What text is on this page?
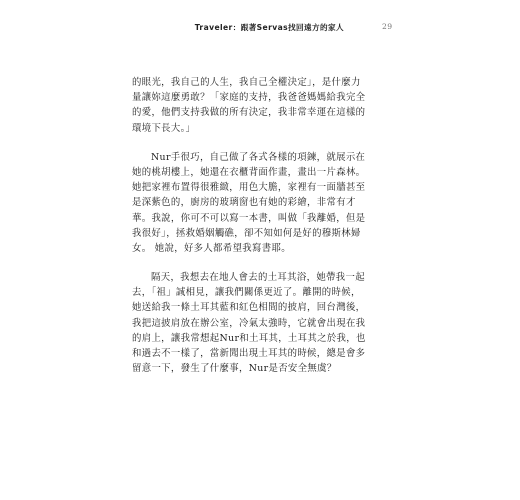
Traveler：跟著Servas找回遠方的家人	29
的眼光，我自己的人生，我自己全權決定」，是什麼力
量讓妳這麼勇敢？「家庭的支持，我爸爸媽媽給我完全
的愛，他們支持我做的所有決定，我非常幸運在這樣的
環境下長大。」
Nur手很巧，自己做了各式各樣的項鍊，就展示在
她的桃胡樓上，她還在衣櫃背面作畫，畫出一片森林。
她把家裡布置得很雅緻，用色大膽，家裡有一面牆甚至
是深紫色的，廚房的玻璃窗也有她的彩繪，非常有才
華。我說，你可不可以寫一本書，叫做「我離婚，但是
我很好」，拯救婚姻觸礁，卻不知如何是好的穆斯林婦
女。 她說，好多人都希望我寫書耶。
隔天，我想去在地人會去的土耳其浴，她帶我一起
去，「祖」誠相見，讓我們關係更近了。離開的時候，
她送給我一條土耳其藍和紅色相間的披肩，回台灣後，
我把這披肩放在辦公室，冷氣太強時，它就會出現在我
的肩上，讓我常想起Nur和土耳其，土耳其之於我，也
和過去不一樣了，當新聞出現土耳其的時候，總是會多
留意一下，發生了什麼事，Nur是否安全無虞？
